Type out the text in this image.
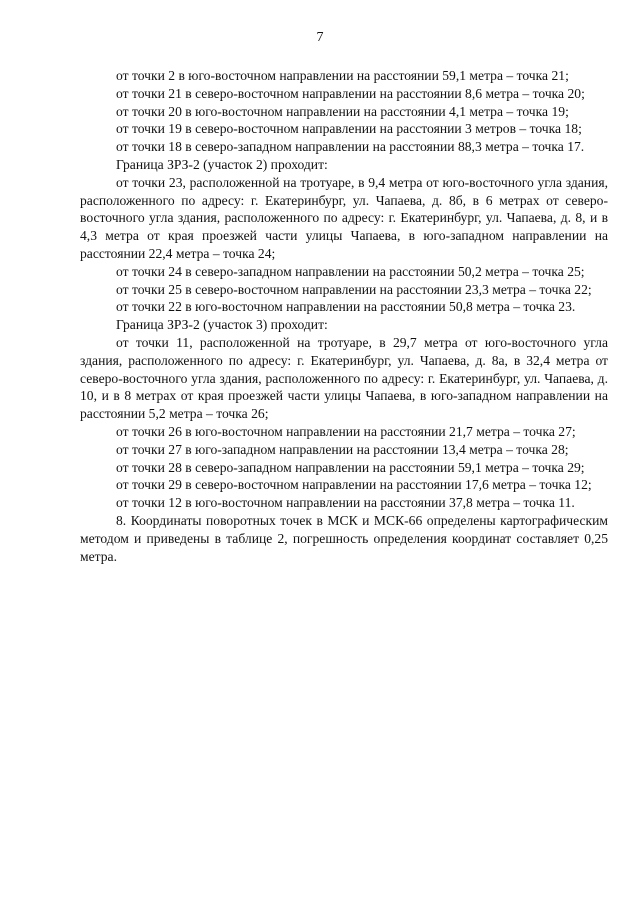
7

от точки 2 в юго-восточном направлении на расстоянии 59,1 метра – точка 21;

от точки 21 в северо-восточном направлении на расстоянии 8,6 метра – точка 20;

от точки 20 в юго-восточном направлении на расстоянии 4,1 метра – точка 19;

от точки 19 в северо-восточном направлении на расстоянии 3 метров – точка 18;

от точки 18 в северо-западном направлении на расстоянии 88,3 метра – точка 17.

Граница ЗРЗ-2 (участок 2) проходит:

от точки 23, расположенной на тротуаре, в 9,4 метра от юго-восточного угла здания, расположенного по адресу: г. Екатеринбург, ул. Чапаева, д. 8б, в 6 метрах от северо-восточного угла здания, расположенного по адресу: г. Екатеринбург, ул. Чапаева, д. 8, и в 4,3 метра от края проезжей части улицы Чапаева, в юго-западном направлении на расстоянии 22,4 метра – точка 24;

от точки 24 в северо-западном направлении на расстоянии 50,2 метра – точка 25;

от точки 25 в северо-восточном направлении на расстоянии 23,3 метра – точка 22;

от точки 22 в юго-восточном направлении на расстоянии 50,8 метра – точка 23.

Граница ЗРЗ-2 (участок 3) проходит:

от точки 11, расположенной на тротуаре, в 29,7 метра от юго-восточного угла здания, расположенного по адресу: г. Екатеринбург, ул. Чапаева, д. 8а, в 32,4 метра от северо-восточного угла здания, расположенного по адресу: г. Екатеринбург, ул. Чапаева, д. 10, и в 8 метрах от края проезжей части улицы Чапаева, в юго-западном направлении на расстоянии 5,2 метра – точка 26;

от точки 26 в юго-восточном направлении на расстоянии 21,7 метра – точка 27;

от точки 27 в юго-западном направлении на расстоянии 13,4 метра – точка 28;

от точки 28 в северо-западном направлении на расстоянии 59,1 метра – точка 29;

от точки 29 в северо-восточном направлении на расстоянии 17,6 метра – точка 12;

от точки 12 в юго-восточном направлении на расстоянии 37,8 метра – точка 11.

8. Координаты поворотных точек в МСК и МСК-66 определены картографическим методом и приведены в таблице 2, погрешность определения координат составляет 0,25 метра.
